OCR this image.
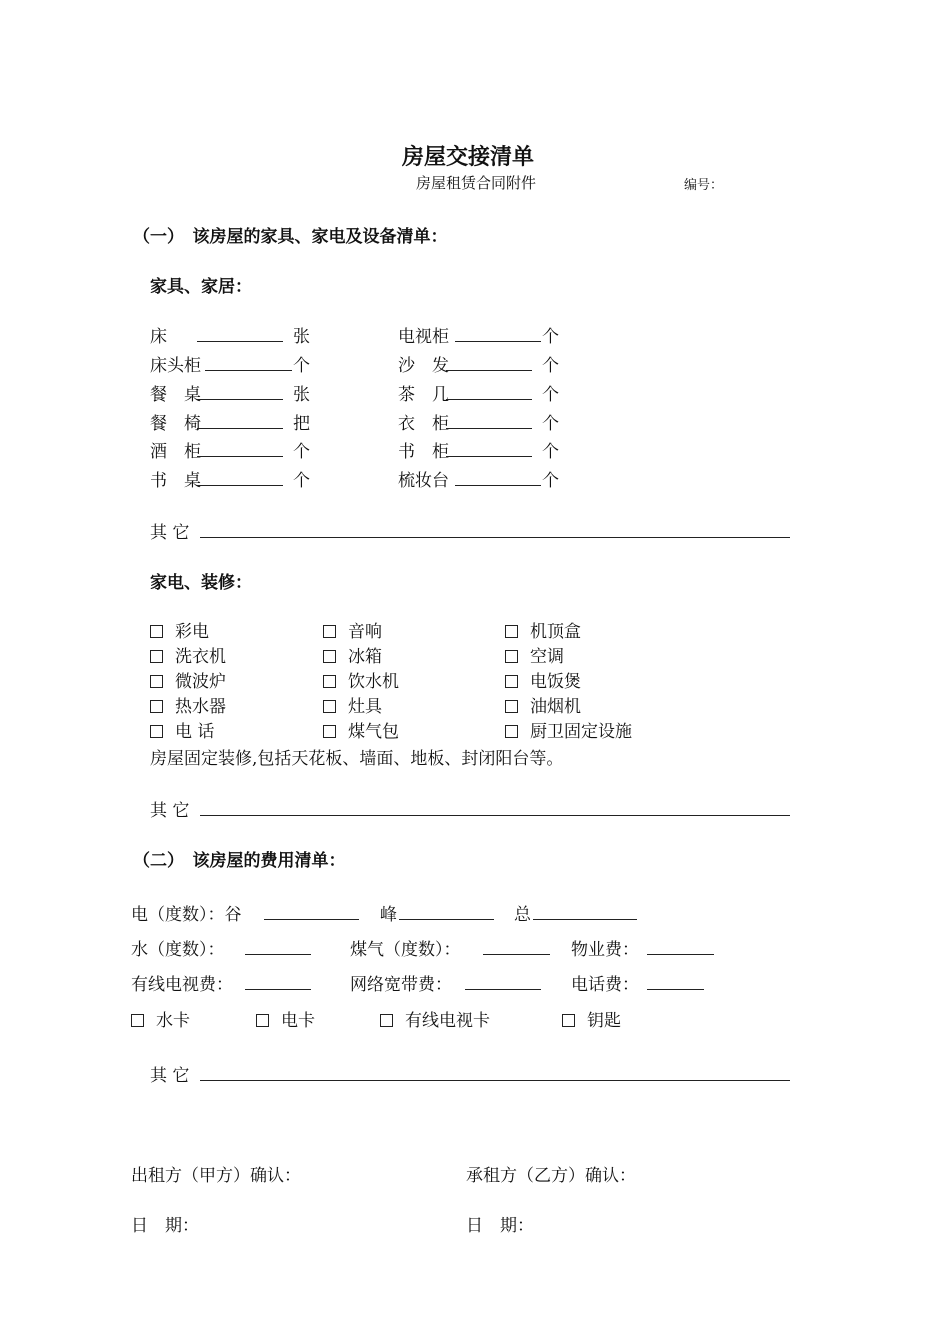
房屋交接清单
房屋租赁合同附件	编号：
（一）　该房屋的家具、家电及设备清单：
家具、家居：
床	张
床头柜	个
餐　桌	张
餐　椅	把
酒　柜	个
书　桌	个
电视柜	个
沙　发	个
茶　几	个
衣　柜	个
书　柜	个
梳妆台	个
其 它
家电、装修：
彩电	音响	机顶盒
洗衣机	冰箱	空调
微波炉	饮水机	电饭煲
热水器	灶具	油烟机
电 话	煤气包	厨卫固定设施
房屋固定装修,包括天花板、墙面、地板、封闭阳台等。
其 它
（二）　该房屋的费用清单：
电（度数）：谷	峰	总
水（度数）：	煤气（度数）：	物业费：
有线电视费：	网络宽带费：	电话费：
水卡	电卡	有线电视卡	钥匙
其 它
出租方（甲方）确认：	承租方（乙方）确认：
日　期：	日　期：
